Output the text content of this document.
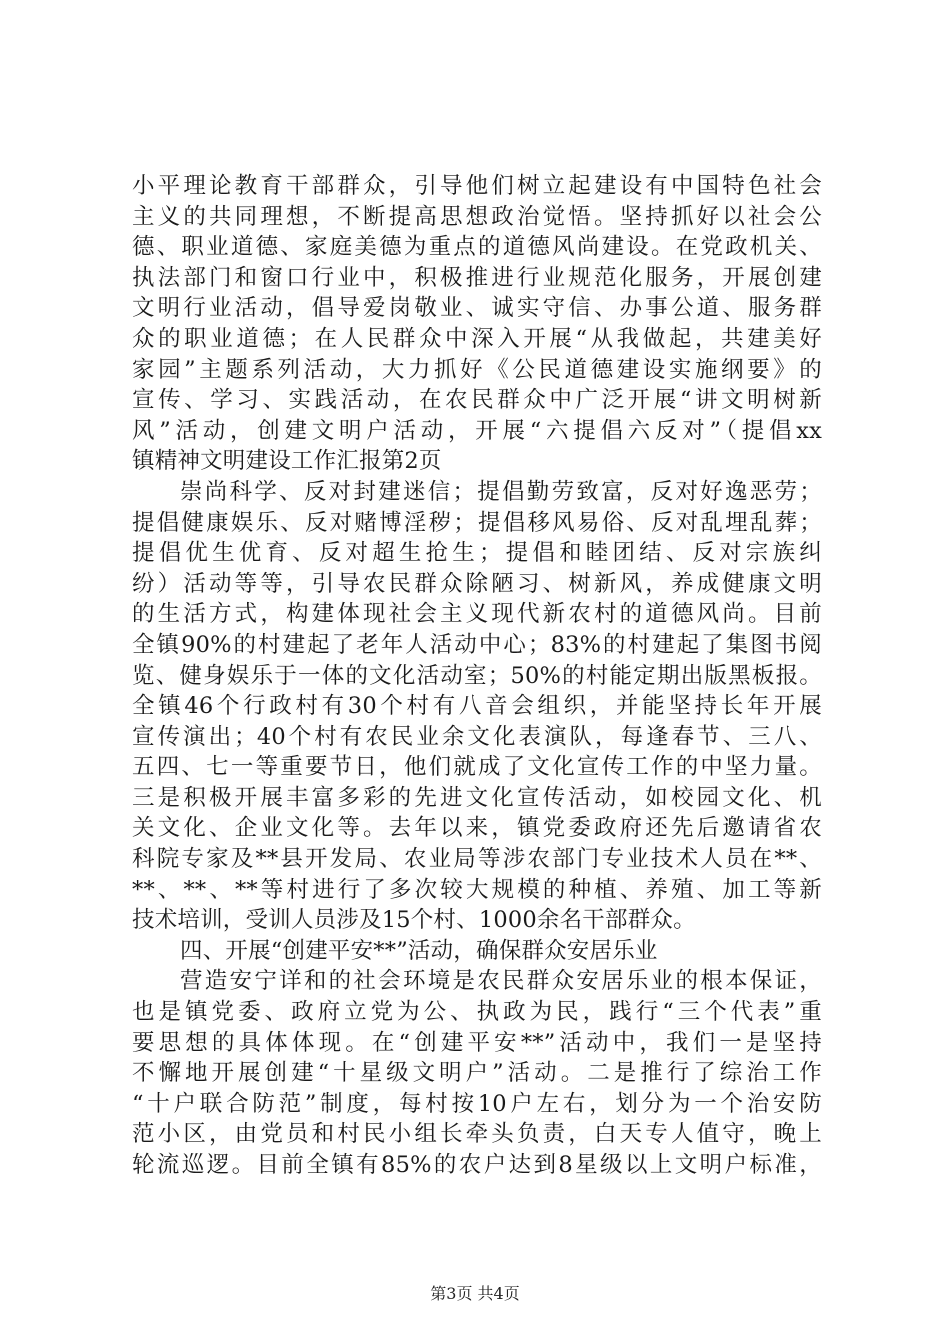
小平理论教育干部群众，引导他们树立起建设有中国特色社会
主义的共同理想，不断提高思想政治觉悟。坚持抓好以社会公
德、职业道德、家庭美德为重点的道德风尚建设。在党政机关、
执法部门和窗口行业中，积极推进行业规范化服务，开展创建
文明行业活动，倡导爱岗敬业、诚实守信、办事公道、服务群
众的职业道德；在人民群众中深入开展“从我做起，共建美好
家园”主题系列活动，大力抓好《公民道德建设实施纲要》的
宣传、学习、实践活动，在农民群众中广泛开展“讲文明树新
风”活动，创建文明户活动，开展“六提倡六反对”（提倡xx
镇精神文明建设工作汇报第2页
崇尚科学、反对封建迷信；提倡勤劳致富，反对好逸恶劳；
提倡健康娱乐、反对赌博淫秽；提倡移风易俗、反对乱埋乱葬；
提倡优生优育、反对超生抢生；提倡和睦团结、反对宗族纠
纷）活动等等，引导农民群众除陋习、树新风，养成健康文明
的生活方式，构建体现社会主义现代新农村的道德风尚。目前
全镇90%的村建起了老年人活动中心；83%的村建起了集图书阅
览、健身娱乐于一体的文化活动室；50%的村能定期出版黑板报。
全镇46个行政村有30个村有八音会组织，并能坚持长年开展
宣传演出；40个村有农民业余文化表演队，每逢春节、三八、
五四、七一等重要节日，他们就成了文化宣传工作的中坚力量。
三是积极开展丰富多彩的先进文化宣传活动，如校园文化、机
关文化、企业文化等。去年以来，镇党委政府还先后邀请省农
科院专家及**县开发局、农业局等涉农部门专业技术人员在**、
**、**、**等村进行了多次较大规模的种植、养殖、加工等新
技术培训，受训人员涉及15个村、1000余名干部群众。
四、开展“创建平安**”活动，确保群众安居乐业
营造安宁详和的社会环境是农民群众安居乐业的根本保证，
也是镇党委、政府立党为公、执政为民，践行“三个代表”重
要思想的具体体现。在“创建平安**”活动中，我们一是坚持
不懈地开展创建“十星级文明户”活动。二是推行了综治工作
“十户联合防范”制度，每村按10户左右，划分为一个治安防
范小区，由党员和村民小组长牵头负责，白天专人值守，晚上
轮流巡逻。目前全镇有85%的农户达到8星级以上文明户标准，
第3页 共4页
